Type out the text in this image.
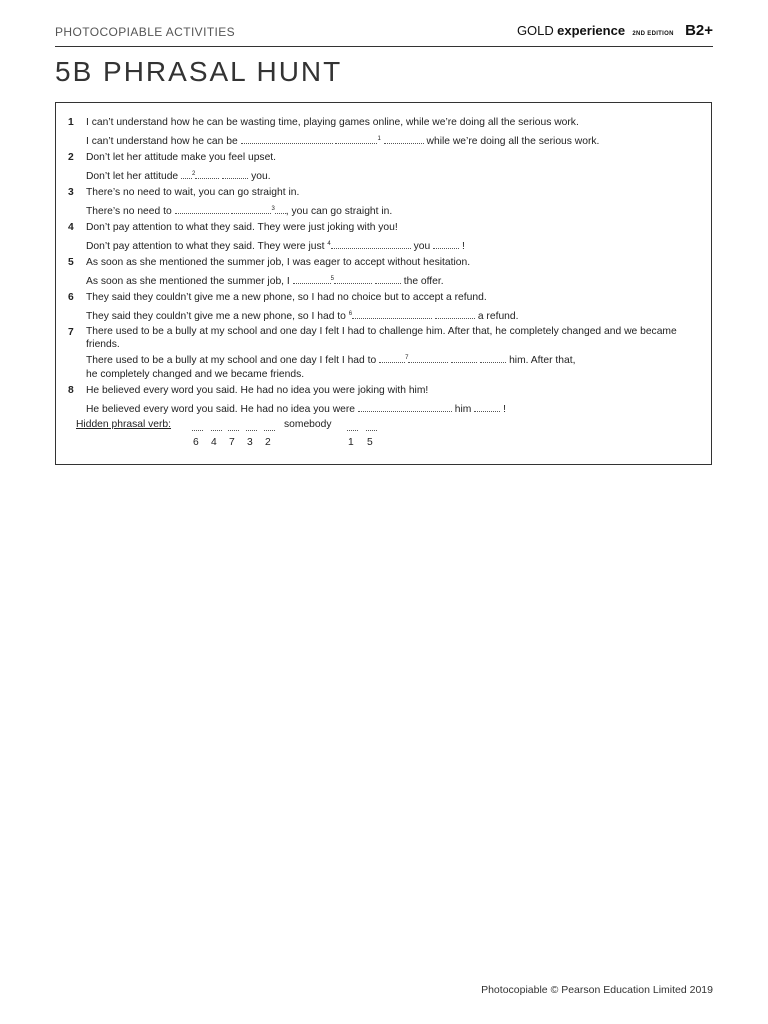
PHOTOCOPIABLE ACTIVITIES	GOLD experience 2ND EDITION B2+
5B PHRASAL HUNT
1 I can’t understand how he can be wasting time, playing games online, while we’re doing all the serious work.
I can’t understand how he can be	$^1$	while we’re doing all the serious work.
2 Don’t let her attitude make you feel upset.
Don’t let her attitude $^2$	you.
3 There’s no need to wait, you can go straight in.
There’s no need to	$^3$ , you can go straight in.
4 Don’t pay attention to what they said. They were just joking with you!
Don’t pay attention to what they said. They were just $^4$	you	!
5 As soon as she mentioned the summer job, I was eager to accept without hesitation.
As soon as she mentioned the summer job, I	$^5$	the offer.
6 They said they couldn’t give me a new phone, so I had no choice but to accept a refund.
They said they couldn’t give me a new phone, so I had to $^6$	a refund.
7 There used to be a bully at my school and one day I felt I had to challenge him. After that, he completely changed and we became friends.
There used to be a bully at my school and one day I felt I had to	$^7$	him. After that,
he completely changed and we became friends.
8 He believed every word you said. He had no idea you were joking with him!
He believed every word you said. He had no idea you were	him	!
Hidden phrasal verb:	somebody
6 4 7 3 2	1 5
Photocopiable © Pearson Education Limited 2019
